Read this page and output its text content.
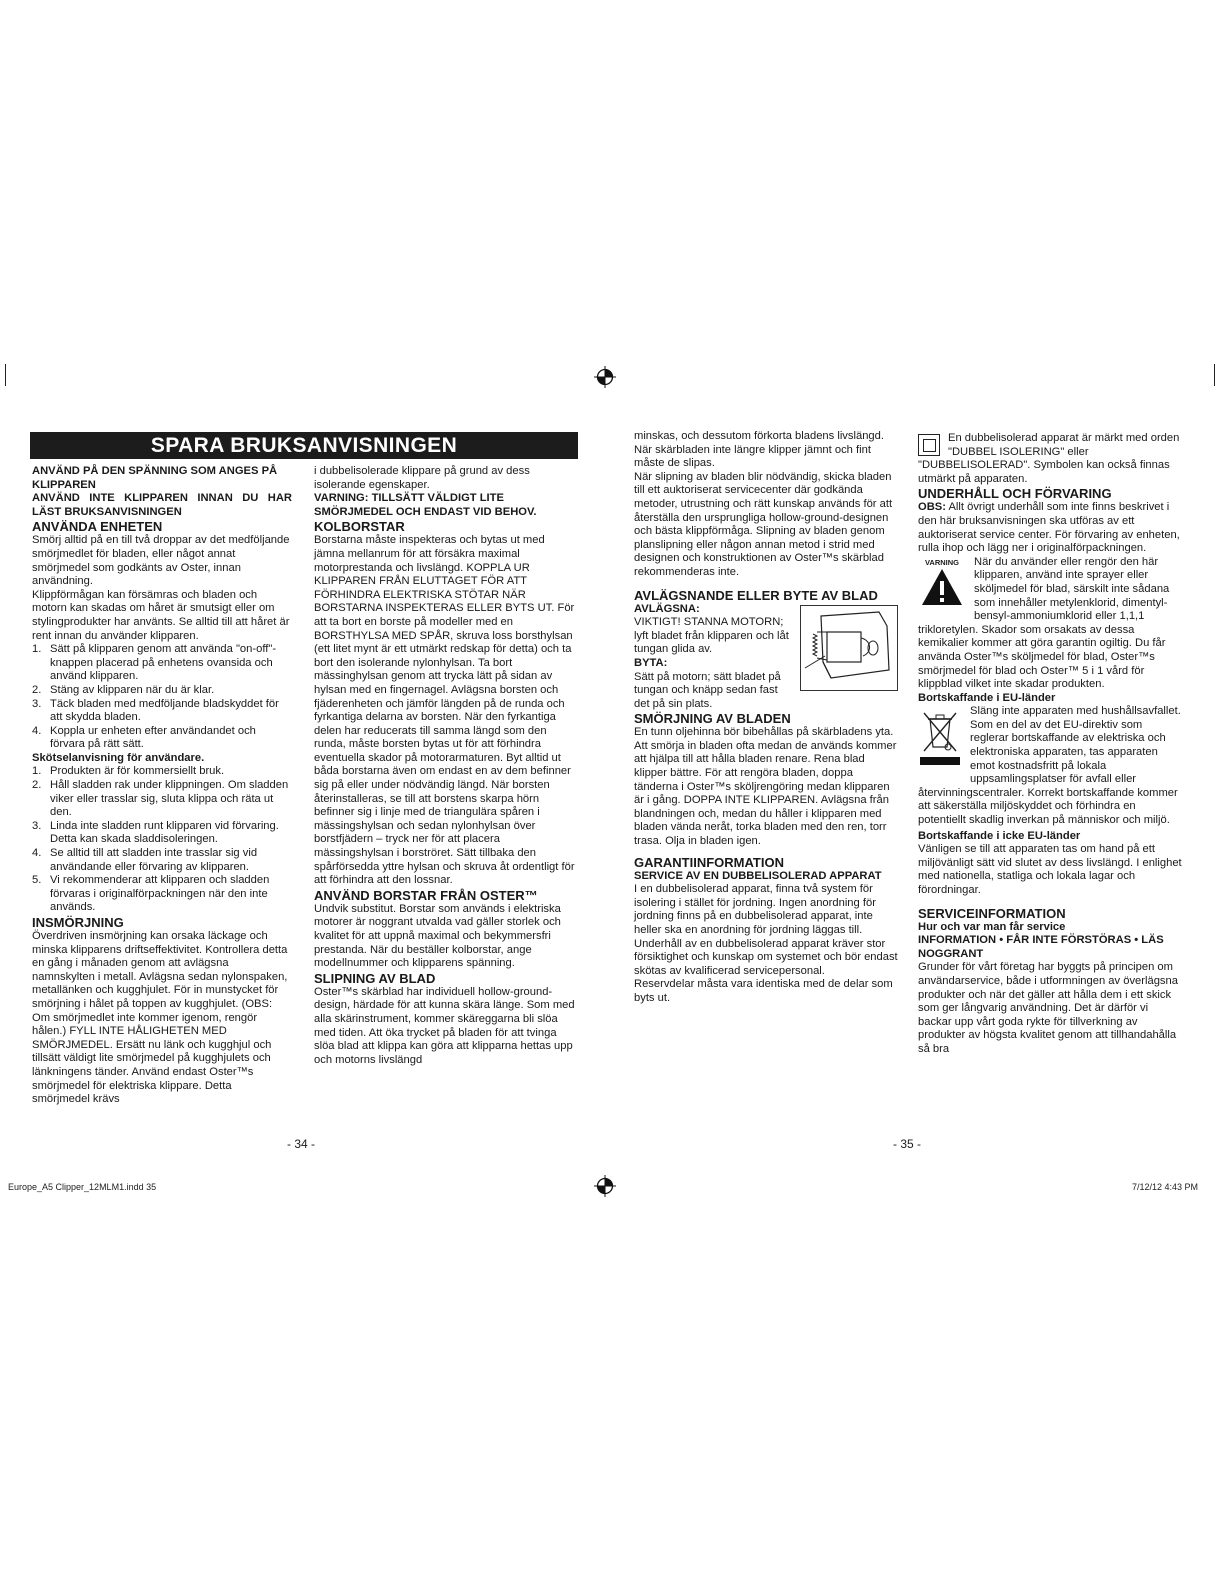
SPARA BRUKSANVISNINGEN

ANVÄND PÅ DEN SPÄNNING SOM ANGES PÅ KLIPPAREN

ANVÄND INTE KLIPPAREN INNAN DU HAR LÄST BRUKSANVISNINGEN

ANVÄNDA ENHETEN

Smörj alltid på en till två droppar av det medföljande smörjmedlet för bladen, eller något annat smörjmedel som godkänts av Oster, innan användning.

Klippförmågan kan försämras och bladen och motorn kan skadas om håret är smutsigt eller om stylingprodukter har använts. Se alltid till att håret är rent innan du använder klipparen.

1. Sätt på klipparen genom att använda "on-off"-knappen placerad på enhetens ovansida och använd klipparen.
2. Stäng av klipparen när du är klar.
3. Täck bladen med medföljande bladskyddet för att skydda bladen.
4. Koppla ur enheten efter användandet och förvara på rätt sätt.

Skötselanvisning för användare.

1. Produkten är för kommersiellt bruk.
2. Håll sladden rak under klippningen. Om sladden viker eller trasslar sig, sluta klippa och räta ut den.
3. Linda inte sladden runt klipparen vid förvaring. Detta kan skada sladdisoleringen.
4. Se alltid till att sladden inte trasslar sig vid användande eller förvaring av klipparen.
5. Vi rekommenderar att klipparen och sladden förvaras i originalförpackningen när den inte används.

INSMÖRJNING

Överdriven insmörjning kan orsaka läckage och minska klipparens driftseffektivitet. Kontrollera detta en gång i månaden genom att avlägsna namnskylten i metall. Avlägsna sedan nylonspaken, metallänken och kugghjulet. För in munstycket för smörjning i hålet på toppen av kugghjulet. (OBS: Om smörjmedlet inte kommer igenom, rengör hålen.) FYLL INTE HÅLIGHETEN MED SMÖRJMEDEL. Ersätt nu länk och kugghjul och tillsätt väldigt lite smörjmedel på kugghjulets och länkningens tänder. Använd endast Oster™s smörjmedel för elektriska klippare. Detta smörjmedel krävs

i dubbelisolerade klippare på grund av dess isolerande egenskaper.

VARNING: TILLSÄTT VÄLDIGT LITE SMÖRJMEDEL OCH ENDAST VID BEHOV.

KOLBORSTAR

Borstarna måste inspekteras och bytas ut med jämna mellanrum för att försäkra maximal motorprestanda och livslängd. KOPPLA UR KLIPPAREN FRÅN ELUTTAGET FÖR ATT FÖRHINDRA ELEKTRISKA STÖTAR NÄR BORSTARNA INSPEKTERAS ELLER BYTS UT. För att ta bort en borste på modeller med en BORSTHYLSA MED SPÅR, skruva loss borsthylsan (ett litet mynt är ett utmärkt redskap för detta) och ta bort den isolerande nylonhylsan. Ta bort mässinghylsan genom att trycka lätt på sidan av hylsan med en fingernagel. Avlägsna borsten och fjäderenheten och jämför längden på de runda och fyrkantiga delarna av borsten. När den fyrkantiga delen har reducerats till samma längd som den runda, måste borsten bytas ut för att förhindra eventuella skador på motorarmaturen. Byt alltid ut båda borstarna även om endast en av dem befinner sig på eller under nödvändig längd. När borsten återinstalleras, se till att borstens skarpa hörn befinner sig i linje med de triangulära spåren i mässingshylsan och sedan nylonhylsan över borstfjädern – tryck ner för att placera mässingshylsan i borströret. Sätt tillbaka den spårförsedda yttre hylsan och skruva åt ordentligt för att förhindra att den lossnar.

ANVÄND BORSTAR FRÅN OSTER™

Undvik substitut. Borstar som används i elektriska motorer är noggrant utvalda vad gäller storlek och kvalitet för att uppnå maximal och bekymmersfri prestanda. När du beställer kolborstar, ange modellnummer och klipparens spänning.

SLIPNING AV BLAD

Oster™s skärblad har individuell hollow-ground-design, härdade för att kunna skära länge. Som med alla skärinstrument, kommer skäreggarna bli slöa med tiden. Att öka trycket på bladen för att tvinga slöa blad att klippa kan göra att klipparna hettas upp och motorns livslängd

minskas, och dessutom förkorta bladens livslängd. När skärbladen inte längre klipper jämnt och fint måste de slipas.

När slipning av bladen blir nödvändig, skicka bladen till ett auktoriserat servicecenter där godkända metoder, utrustning och rätt kunskap används för att återställa den ursprungliga hollow-ground-designen och bästa klippförmåga. Slipning av bladen genom planslipning eller någon annan metod i strid med designen och konstruktionen av Oster™s skärblad rekommenderas inte.

AVLÄGSNANDE ELLER BYTE AV BLAD

AVLÄGSNA:

VIKTIGT! STANNA MOTORN; lyft bladet från klipparen och låt tungan glida av.

BYTA:

Sätt på motorn; sätt bladet på tungan och knäpp sedan fast det på sin plats.

SMÖRJNING AV BLADEN

En tunn oljehinna bör bibehållas på skärbladens yta. Att smörja in bladen ofta medan de används kommer att hjälpa till att hålla bladen renare. Rena blad klipper bättre. För att rengöra bladen, doppa tänderna i Oster™s sköljrengöring medan klipparen är i gång. DOPPA INTE KLIPPAREN. Avlägsna från blandningen och, medan du håller i klipparen med bladen vända neråt, torka bladen med den ren, torr trasa. Olja in bladen igen.

GARANTIINFORMATION

SERVICE AV EN DUBBELISOLERAD APPARAT

I en dubbelisolerad apparat, finna två system för isolering i stället för jordning. Ingen anordning för jordning finns på en dubbelisolerad apparat, inte heller ska en anordning för jordning läggas till. Underhåll av en dubbelisolerad apparat kräver stor försiktighet och kunskap om systemet och bör endast skötas av kvalificerad servicepersonal.

Reservdelar måsta vara identiska med de delar som byts ut.

En dubbelisolerad apparat är märkt med orden "DUBBEL ISOLERING" eller "DUBBELISOLERAD". Symbolen kan också finnas utmärkt på apparaten.

UNDERHÅLL OCH FÖRVARING

OBS: Allt övrigt underhåll som inte finns beskrivet i den här bruksanvisningen ska utföras av ett auktoriserat service center. För förvaring av enheten, rulla ihop och lägg ner i originalförpackningen.

VARNING	När du använder eller rengör den här klipparen, använd inte sprayer eller sköljmedel för blad, särskilt inte sådana som innehåller metylenklorid, dimentyl-bensyl-ammoniumklorid eller 1,1,1 trikloretylen. Skador som orsakats av dessa kemikalier kommer att göra garantin ogiltig. Du får använda Oster™s sköljmedel för blad, Oster™s smörjmedel för blad och Oster™ 5 i 1 vård för klippblad vilket inte skadar produkten.

Bortskaffande i EU-länder

Släng inte apparaten med hushållsavfallet. Som en del av det EU-direktiv som reglerar bortskaffande av elektriska och elektroniska apparaten, tas apparaten emot kostnadsfritt på lokala uppsamlingsplatser för avfall eller återvinningscentraler. Korrekt bortskaffande kommer att säkerställa miljöskyddet och förhindra en potentiellt skadlig inverkan på människor och miljö.

Bortskaffande i icke EU-länder

Vänligen se till att apparaten tas om hand på ett miljövänligt sätt vid slutet av dess livslängd. I enlighet med nationella, statliga och lokala lagar och förordningar.

SERVICEINFORMATION

Hur och var man får service

INFORMATION • FÅR INTE FÖRSTÖRAS • LÄS NOGGRANT

Grunder för vårt företag har byggts på principen om användarservice, både i utformningen av överlägsna produkter och när det gäller att hålla dem i ett skick som ger långvarig användning. Det är därför vi backar upp vårt goda rykte för tillverkning av produkter av högsta kvalitet genom att tillhandahålla så bra

- 34 -	- 35 -
Europe_A5 Clipper_12MLM1.indd 35	7/12/12 4:43 PM
